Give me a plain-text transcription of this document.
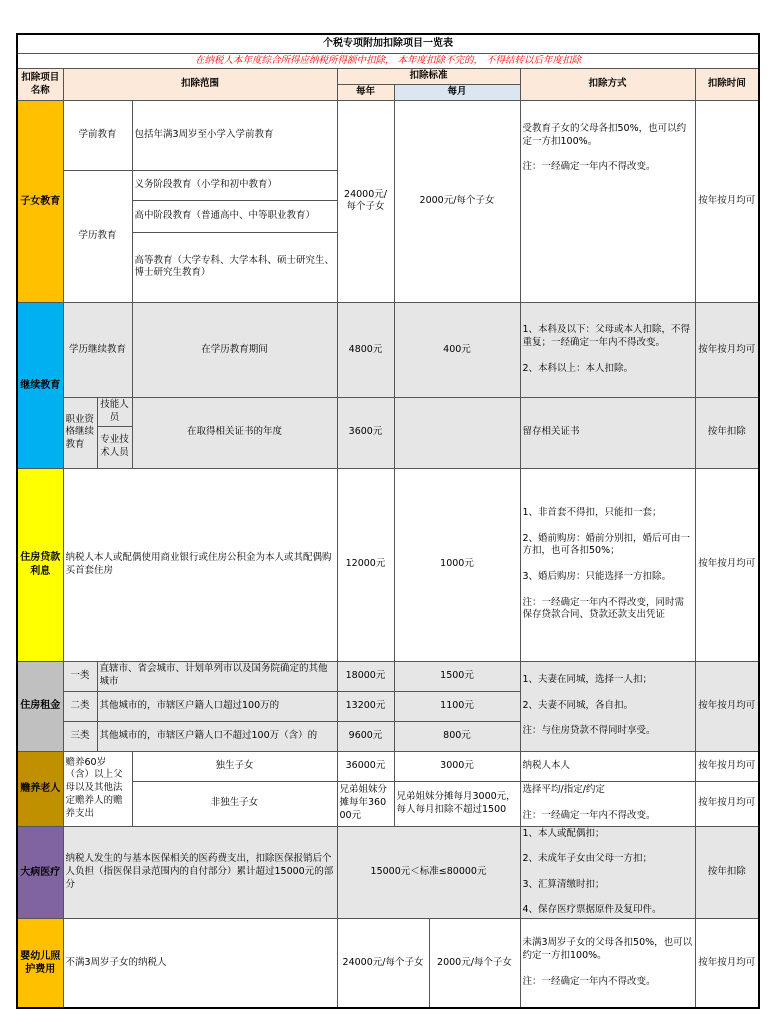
个税专项附加扣除项目一览表								
在纳税人本年度综合所得应纳税所得额中扣除， 本年度扣除不完的， 不得结转以后年度扣除								
扣除项目名称	扣除范围			扣除标准			扣除方式	扣除时间
				每年	每月			
子女教育	学前教育		包括年满3周岁至小学入学前教育	24000元/每个子女	2000元/每个子女		受教育子女的父母各扣50%，也可以约定一方扣100%。

注：一经确定一年内不得改变。	按年按月均可
	学历教育		义务阶段教育（小学和初中教育）					
			高中阶段教育（普通高中、中等职业教育）					
			高等教育（大学专科、大学本科、硕士研究生、博士研究生教育）					
继续教育	学历继续教育		在学历教育期间	4800元	400元		1、本科及以下：父母或本人扣除，不得重复；一经确定一年内不得改变。

2、本科以上：本人扣除。	按年按月均可
	职业资格继续教育	技能人员	在取得相关证书的年度	3600元			留存相关证书	按年扣除
		专业技术人员						
住房贷款利息	纳税人本人或配偶使用商业银行或住房公积金为本人或其配偶购买首套住房			12000元	1000元		1、非首套不得扣，只能扣一套；

2、婚前购房：婚前分别扣，婚后可由一方扣，也可各扣50%；

3、婚后购房：只能选择一方扣除。

注：一经确定一年内不得改变，同时需保存贷款合同、贷款还款支出凭证	按年按月均可
住房租金	一类	直辖市、省会城市、计划单列市以及国务院确定的其他城市		18000元	1500元		1、夫妻在同城，选择一人扣；

2、夫妻不同城，各自扣。

注：与住房贷款不得同时享受。	按年按月均可
	二类	其他城市的，市辖区户籍人口超过100万的		13200元	1100元			
	三类	其他城市的，市辖区户籍人口不超过100万（含）的		9600元	800元			
赡养老人	赡养60岁（含）以上父母以及其他法定赡养人的赡养支出		独生子女	36000元	3000元		纳税人本人	按年按月均可
			非独生子女	兄弟姐妹分摊每年36000元	兄弟姐妹分摊每月3000元，每人每月扣除不超过1500		选择平均/指定/约定

注：一经确定一年内不得改变。	按年按月均可
大病医疗	纳税人发生的与基本医保相关的医药费支出，扣除医保报销后个人负担（指医保目录范围内的自付部分）累计超过15000元的部分			15000元＜标准≤80000元			1、本人或配偶扣；

2、未成年子女由父母一方扣；

3、汇算清缴时扣；

4、保存医疗票据原件及复印件。	按年扣除
婴幼儿照护费用	不满3周岁子女的纳税人			24000元/每个子女		2000元/每个子女	未满3周岁子女的父母各扣50%，也可以约定一方扣100%。

注：一经确定一年内不得改变。	按年按月均可
